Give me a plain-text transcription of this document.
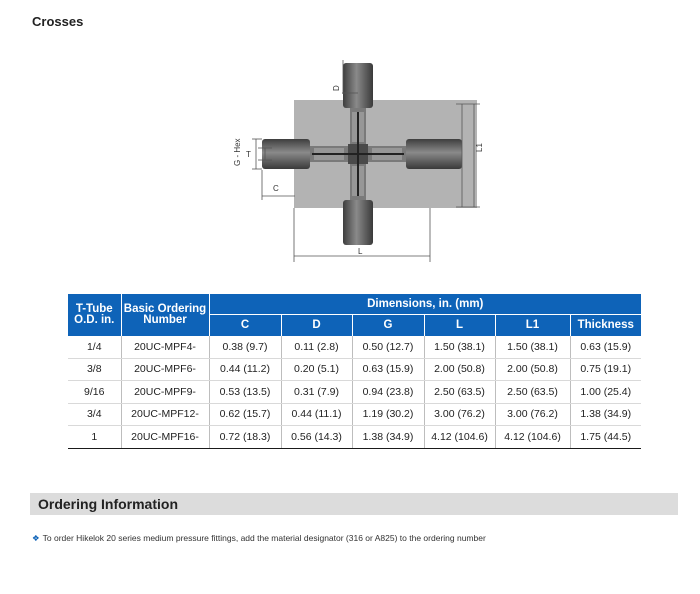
Crosses
D
G - Hex T
C
L1
L
T-Tube O.D. in.	Basic Ordering Number	Dimensions, in. (mm)					
		C	D	G	L	L1	Thickness
1/4	20UC-MPF4-	0.38 (9.7)	0.11 (2.8)	0.50 (12.7)	1.50 (38.1)	1.50 (38.1)	0.63 (15.9)
3/8	20UC-MPF6-	0.44 (11.2)	0.20 (5.1)	0.63 (15.9)	2.00 (50.8)	2.00 (50.8)	0.75 (19.1)
9/16	20UC-MPF9-	0.53 (13.5)	0.31 (7.9)	0.94 (23.8)	2.50 (63.5)	2.50 (63.5)	1.00 (25.4)
3/4	20UC-MPF12-	0.62 (15.7)	0.44 (11.1)	1.19 (30.2)	3.00 (76.2)	3.00 (76.2)	1.38 (34.9)
1	20UC-MPF16-	0.72 (18.3)	0.56 (14.3)	1.38 (34.9)	4.12 (104.6)	4.12 (104.6)	1.75 (44.5)
Ordering Information
❖ To order Hikelok 20 series medium pressure fittings, add the material designator (316 or A825) to the ordering number
